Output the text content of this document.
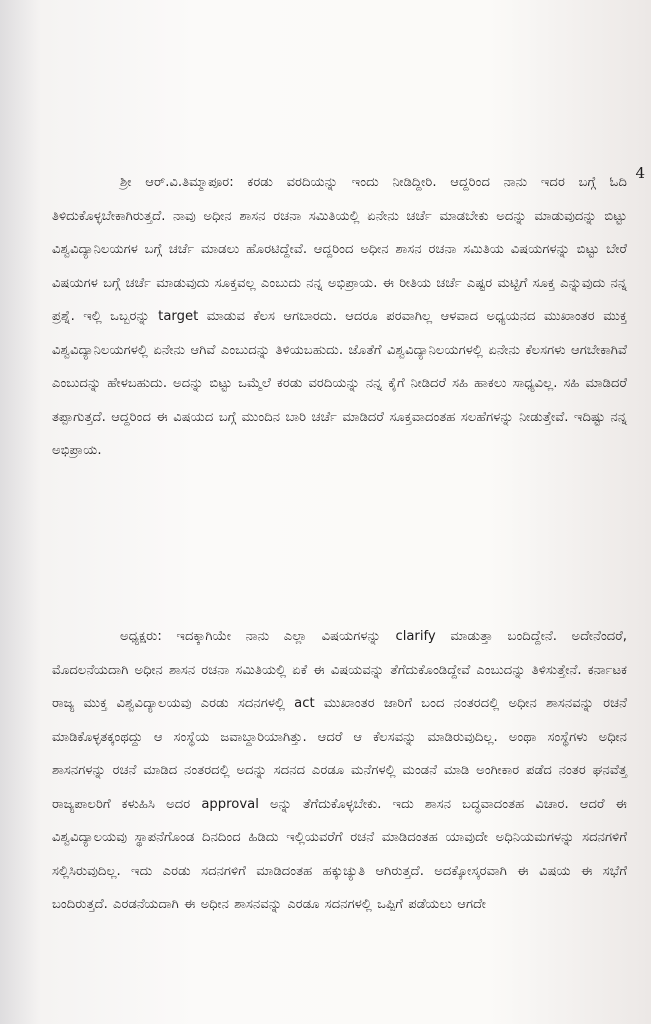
4

ಶ್ರೀ ಆರ್.ವಿ.ತಿಮ್ಮಾಪೂರ: ಕರಡು ವರದಿಯನ್ನು ಇಂದು ನೀಡಿದ್ದೀರಿ. ಆದ್ದರಿಂದ ನಾನು ಇದರ ಬಗ್ಗೆ ಓದಿ ತಿಳಿದುಕೊಳ್ಳಬೇಕಾಗಿರುತ್ತದೆ. ನಾವು ಅಧೀನ ಶಾಸನ ರಚನಾ ಸಮಿತಿಯಲ್ಲಿ ಏನೇನು ಚರ್ಚೆ ಮಾಡಬೇಕು ಅದನ್ನು ಮಾಡುವುದನ್ನು ಬಿಟ್ಟು ವಿಶ್ವವಿದ್ಯಾನಿಲಯಗಳ ಬಗ್ಗೆ ಚರ್ಚೆ ಮಾಡಲು ಹೊರಟಿದ್ದೇವೆ. ಆದ್ದರಿಂದ ಅಧೀನ ಶಾಸನ ರಚನಾ ಸಮಿತಿಯ ವಿಷಯಗಳನ್ನು ಬಿಟ್ಟು ಬೇರೆ ವಿಷಯಗಳ ಬಗ್ಗೆ ಚರ್ಚೆ ಮಾಡುವುದು ಸೂಕ್ತವಲ್ಲ ಎಂಬುದು ನನ್ನ ಅಭಿಪ್ರಾಯ. ಈ ರೀತಿಯ ಚರ್ಚೆ ಎಷ್ಟರ ಮಟ್ಟಿಗೆ ಸೂಕ್ತ ಎನ್ನುವುದು ನನ್ನ ಪ್ರಶ್ನೆ. ಇಲ್ಲಿ ಒಬ್ಬರನ್ನು target ಮಾಡುವ ಕೆಲಸ ಆಗಬಾರದು. ಆದರೂ ಪರವಾಗಿಲ್ಲ ಆಳವಾದ ಅಧ್ಯಯನದ ಮುಖಾಂತರ ಮುಕ್ತ ವಿಶ್ವವಿದ್ಯಾನಿಲಯಗಳಲ್ಲಿ ಏನೇನು ಆಗಿವೆ ಎಂಬುದನ್ನು ತಿಳಿಯಬಹುದು. ಜೊತೆಗೆ ವಿಶ್ವವಿದ್ಯಾನಿಲಯಗಳಲ್ಲಿ ಏನೇನು ಕೆಲಸಗಳು ಆಗಬೇಕಾಗಿವೆ ಎಂಬುದನ್ನು ಹೇಳಬಹುದು. ಅದನ್ನು ಬಿಟ್ಟು ಒಮ್ಮೆಲೆ ಕರಡು ವರದಿಯನ್ನು ನನ್ನ ಕೈಗೆ ನೀಡಿದರೆ ಸಹಿ ಹಾಕಲು ಸಾಧ್ಯವಿಲ್ಲ. ಸಹಿ ಮಾಡಿದರೆ ತಪ್ಪಾಗುತ್ತದೆ. ಆದ್ದರಿಂದ ಈ ವಿಷಯದ ಬಗ್ಗೆ ಮುಂದಿನ ಬಾರಿ ಚರ್ಚೆ ಮಾಡಿದರೆ ಸೂಕ್ತವಾದಂತಹ ಸಲಹೆಗಳನ್ನು ನೀಡುತ್ತೇವೆ. ಇದಿಷ್ಟು ನನ್ನ ಅಭಿಪ್ರಾಯ.

ಅಧ್ಯಕ್ಷರು: ಇದಕ್ಕಾಗಿಯೇ ನಾನು ಎಲ್ಲಾ ವಿಷಯಗಳನ್ನು clarify ಮಾಡುತ್ತಾ ಬಂದಿದ್ದೇನೆ. ಅದೇನೆಂದರೆ, ಮೊದಲನೆಯದಾಗಿ ಅಧೀನ ಶಾಸನ ರಚನಾ ಸಮಿತಿಯಲ್ಲಿ ಏಕೆ ಈ ವಿಷಯವನ್ನು ತೆಗೆದುಕೊಂಡಿದ್ದೇವೆ ಎಂಬುದನ್ನು ತಿಳಿಸುತ್ತೇನೆ. ಕರ್ನಾಟಕ ರಾಜ್ಯ ಮುಕ್ತ ವಿಶ್ವವಿದ್ಯಾಲಯವು ಎರಡು ಸದನಗಳಲ್ಲಿ act ಮುಖಾಂತರ ಜಾರಿಗೆ ಬಂದ ನಂತರದಲ್ಲಿ ಅಧೀನ ಶಾಸನವನ್ನು ರಚನೆ ಮಾಡಿಕೊಳ್ಳತಕ್ಕಂಥದ್ದು ಆ ಸಂಸ್ಥೆಯ ಜವಾಬ್ದಾರಿಯಾಗಿತ್ತು. ಆದರೆ ಆ ಕೆಲಸವನ್ನು ಮಾಡಿರುವುದಿಲ್ಲ. ಅಂಥಾ ಸಂಸ್ಥೆಗಳು ಅಧೀನ ಶಾಸನಗಳನ್ನು ರಚನೆ ಮಾಡಿದ ನಂತರದಲ್ಲಿ ಅದನ್ನು ಸದನದ ಎರಡೂ ಮನೆಗಳಲ್ಲಿ ಮಂಡನೆ ಮಾಡಿ ಅಂಗೀಕಾರ ಪಡೆದ ನಂತರ ಘನವೆತ್ತ ರಾಜ್ಯಪಾಲರಿಗೆ ಕಳುಹಿಸಿ ಅದರ approval ಅನ್ನು ತೆಗೆದುಕೊಳ್ಳಬೇಕು. ಇದು ಶಾಸನ ಬದ್ಧವಾದಂತಹ ವಿಚಾರ. ಆದರೆ ಈ ವಿಶ್ವವಿದ್ಯಾಲಯವು ಸ್ಥಾಪನೆಗೊಂಡ ದಿನದಿಂದ ಹಿಡಿದು ಇಲ್ಲಿಯವರೆಗೆ ರಚನೆ ಮಾಡಿದಂತಹ ಯಾವುದೇ ಅಧಿನಿಯಮಗಳನ್ನು ಸದನಗಳಿಗೆ ಸಲ್ಲಿಸಿರುವುದಿಲ್ಲ. ಇದು ಎರಡು ಸದನಗಳಿಗೆ ಮಾಡಿದಂತಹ ಹಕ್ಕುಚ್ಯುತಿ ಆಗಿರುತ್ತದೆ. ಅದಕ್ಕೋಸ್ಕರವಾಗಿ ಈ ವಿಷಯ ಈ ಸಭೆಗೆ ಬಂದಿರುತ್ತದೆ. ಎರಡನೆಯದಾಗಿ ಈ ಅಧೀನ ಶಾಸನವನ್ನು ಎರಡೂ ಸದನಗಳಲ್ಲಿ ಒಪ್ಪಿಗೆ ಪಡೆಯಲು ಆಗದೇ
